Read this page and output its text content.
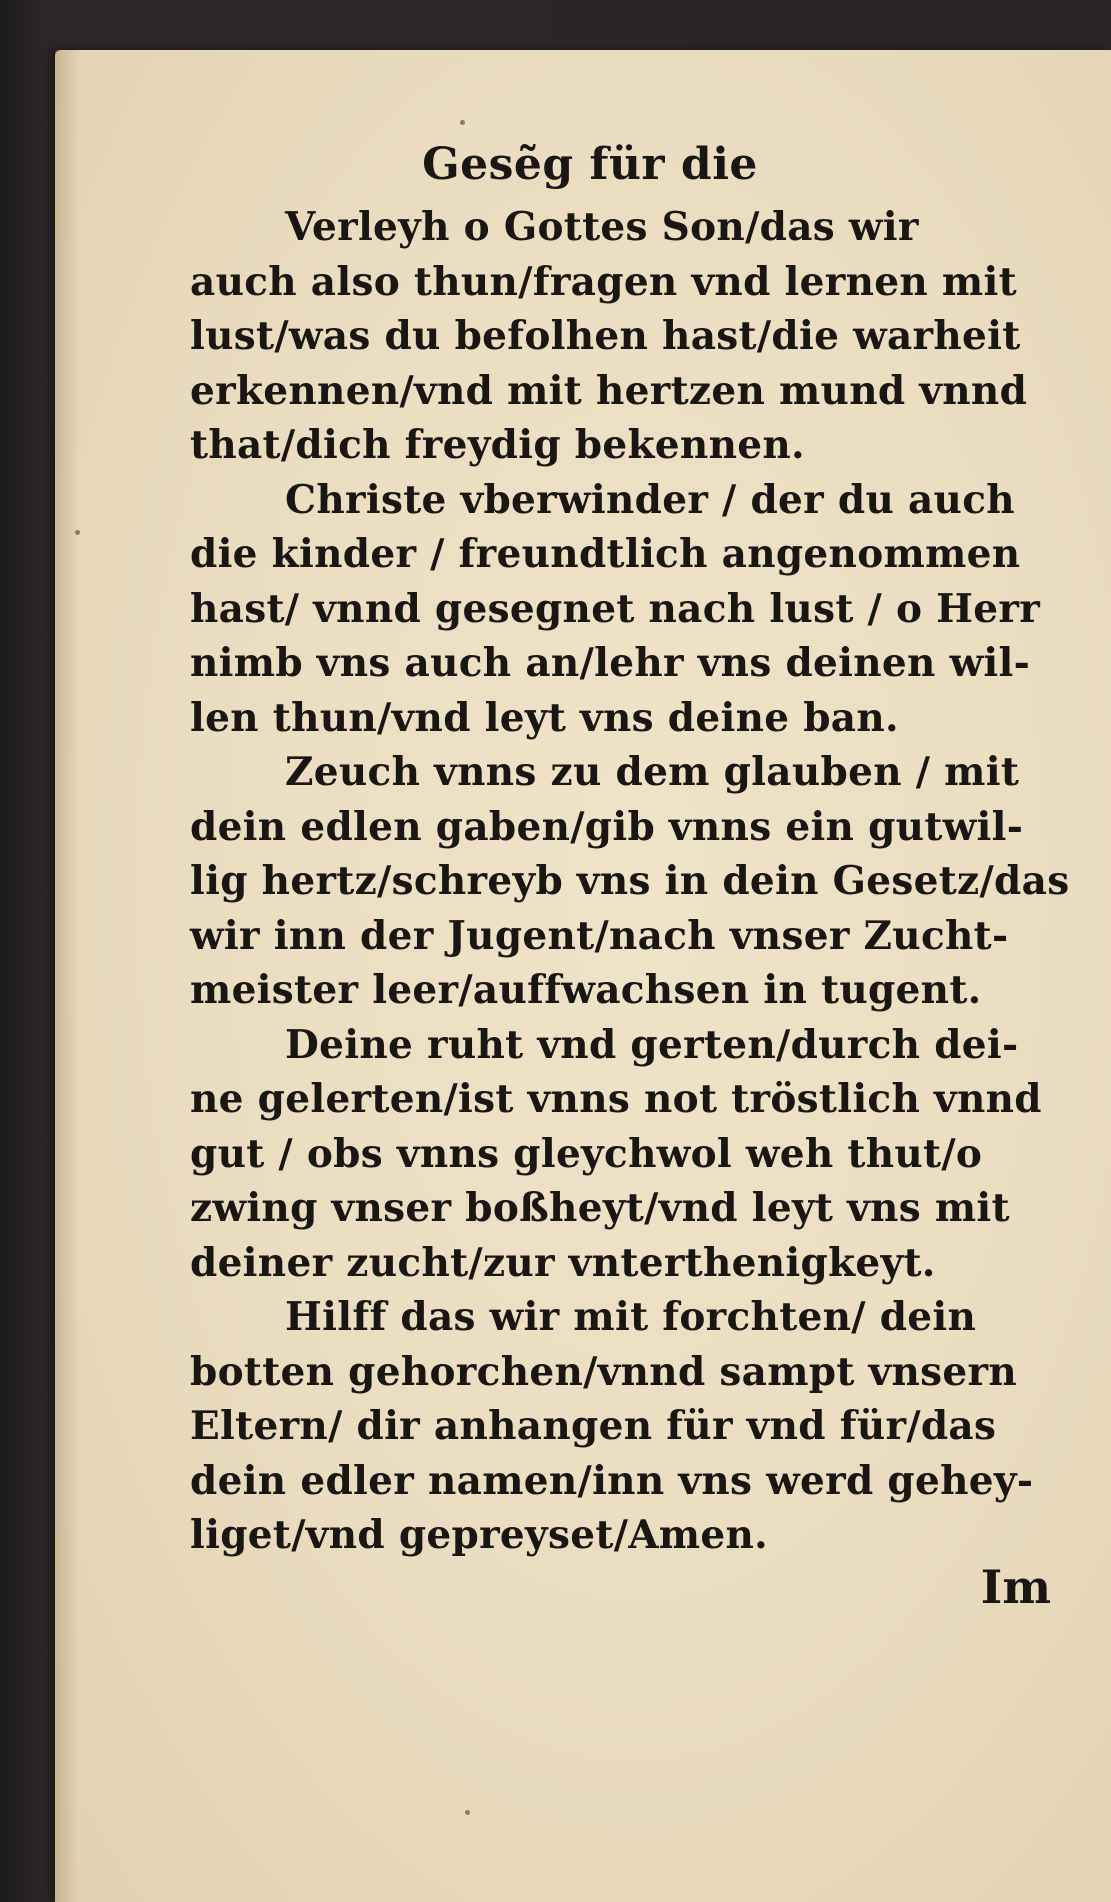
Gesẽg für die
Verleyh o Gottes Son/das wir
auch also thun/fragen vnd lernen mit
lust/was du befolhen hast/die warheit
erkennen/vnd mit hertzen mund vnnd
that/dich freydig bekennen.
Christe vberwinder / der du auch
die kinder / freundtlich angenommen
hast/ vnnd gesegnet nach lust / o Herr
nimb vns auch an/lehr vns deinen wil-
len thun/vnd leyt vns deine ban.
Zeuch vnns zu dem glauben / mit
dein edlen gaben/gib vnns ein gutwil-
lig hertz/schreyb vns in dein Gesetz/das
wir inn der Jugent/nach vnser Zucht-
meister leer/auffwachsen in tugent.
Deine ruht vnd gerten/durch dei-
ne gelerten/ist vnns not tröstlich vnnd
gut / obs vnns gleychwol weh thut/o
zwing vnser boßheyt/vnd leyt vns mit
deiner zucht/zur vnterthenigkeyt.
Hilff das wir mit forchten/ dein
botten gehorchen/vnnd sampt vnsern
Eltern/ dir anhangen für vnd für/das
dein edler namen/inn vns werd gehey-
liget/vnd gepreyset/Amen.
Im
